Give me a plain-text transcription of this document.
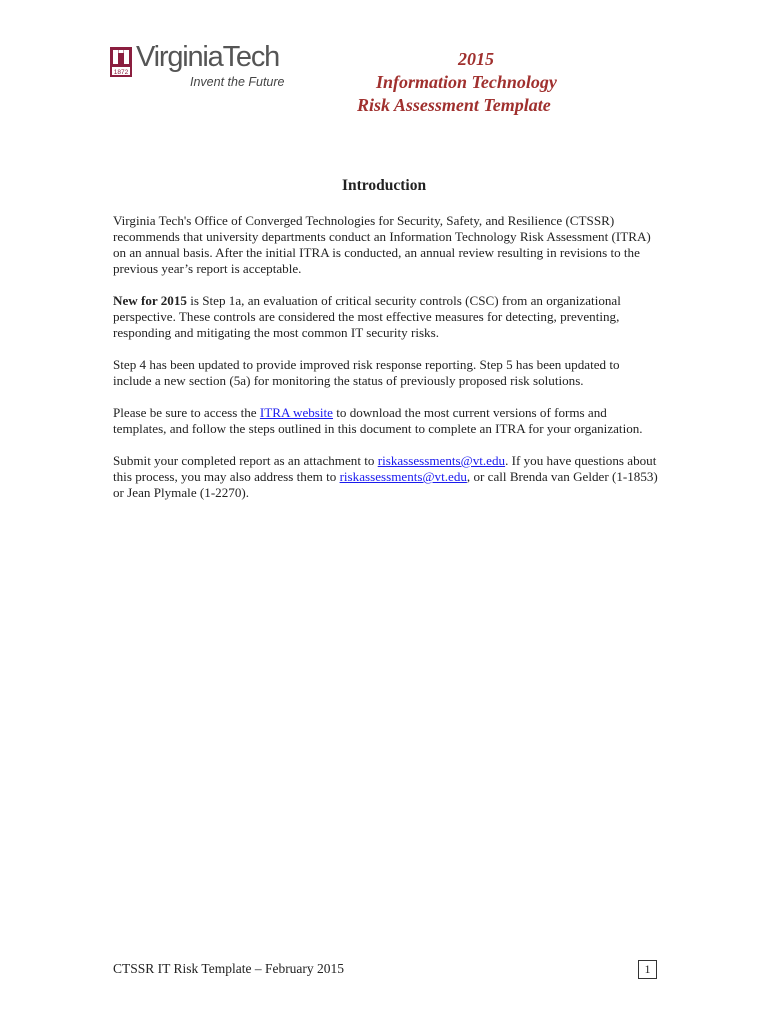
1872 VirginiaTech
Invent the Future
2015
Information Technology
Risk Assessment Template
Introduction

Virginia Tech's Office of Converged Technologies for Security, Safety, and Resilience (CTSSR) recommends that university departments conduct an Information Technology Risk Assessment (ITRA) on an annual basis. After the initial ITRA is conducted, an annual review resulting in revisions to the previous year’s report is acceptable.

New for 2015 is Step 1a, an evaluation of critical security controls (CSC) from an organizational perspective. These controls are considered the most effective measures for detecting, preventing, responding and mitigating the most common IT security risks.

Step 4 has been updated to provide improved risk response reporting. Step 5 has been updated to include a new section (5a) for monitoring the status of previously proposed risk solutions.

Please be sure to access the ITRA website to download the most current versions of forms and templates, and follow the steps outlined in this document to complete an ITRA for your organization.

Submit your completed report as an attachment to riskassessments@vt.edu. If you have questions about this process, you may also address them to riskassessments@vt.edu, or call Brenda van Gelder (1-1853) or Jean Plymale (1-2270).

CTSSR IT Risk Template – February 2015	1
